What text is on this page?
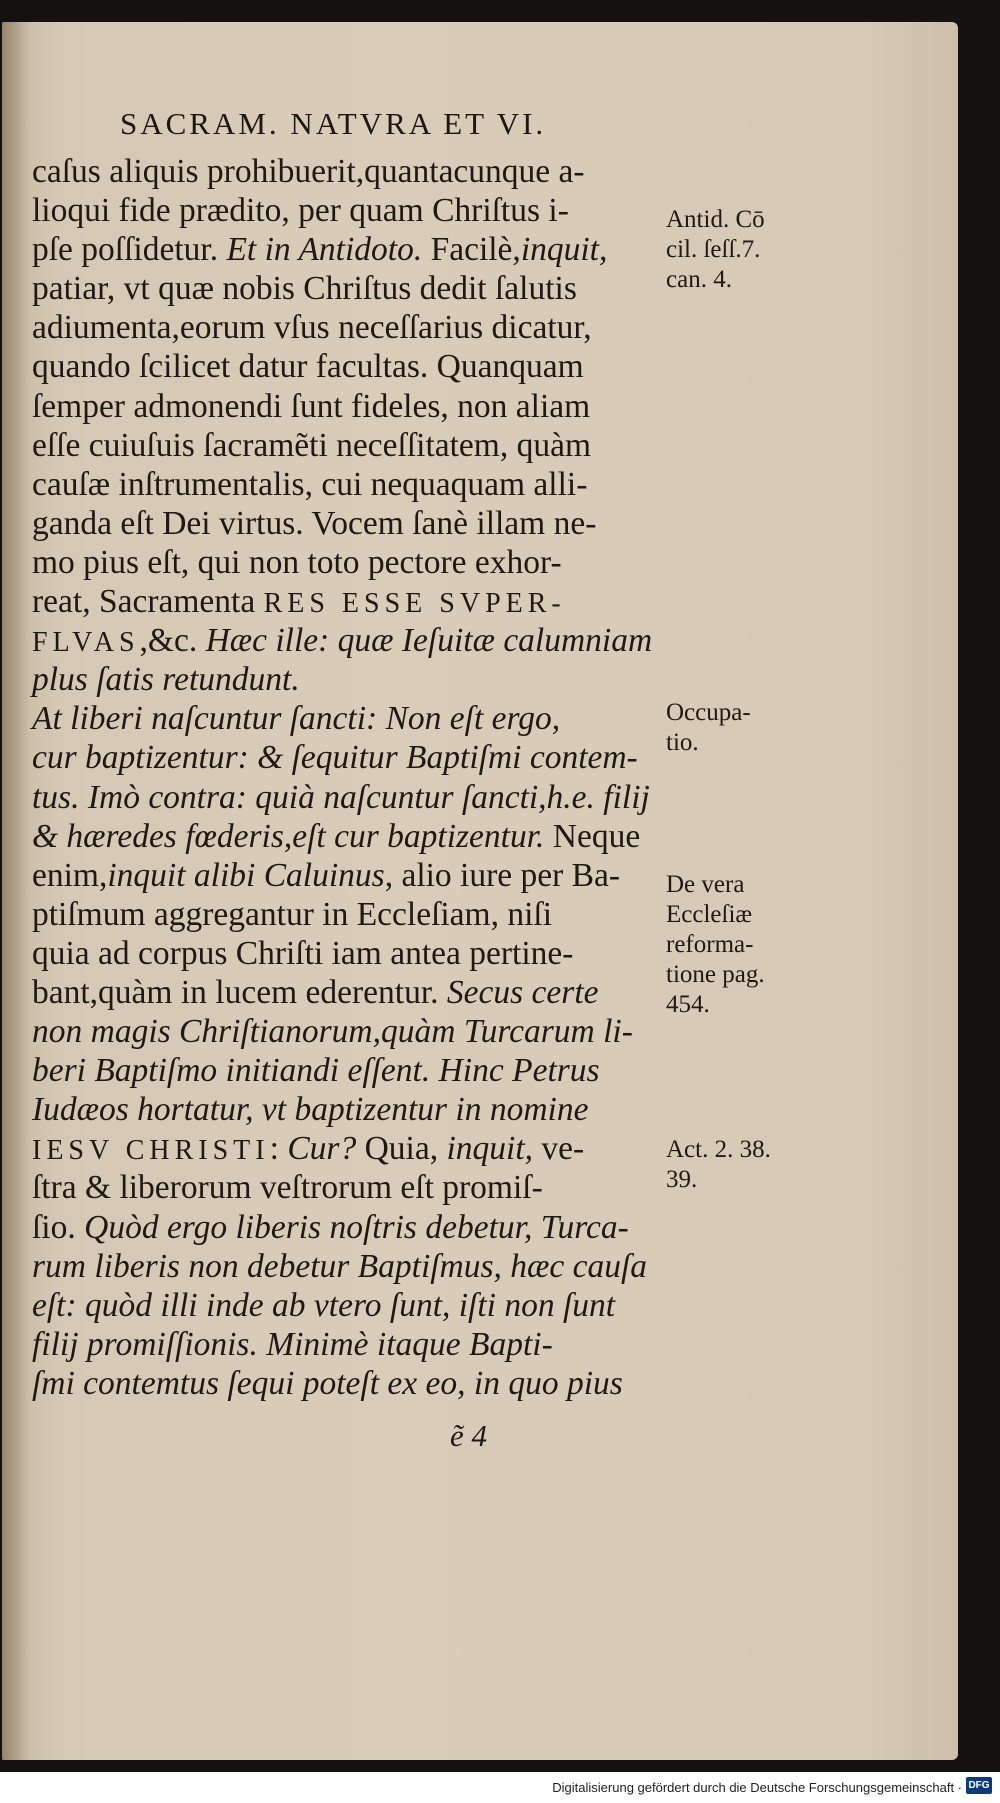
SACRAM. NATVRA ET VI.
caſus aliquis prohibuerit,quantacunque a-
lioqui fide prædito, per quam Chriſtus i-
pſe poſſidetur. Et in Antidoto. Facilè,inquit,
patiar, vt quæ nobis Chriſtus dedit ſalutis
adiumenta,eorum vſus neceſſarius dicatur,
quando ſcilicet datur facultas. Quanquam
ſemper admonendi ſunt fideles, non aliam
eſſe cuiuſuis ſacramẽti neceſſitatem, quàm
cauſæ inſtrumentalis, cui nequaquam alli-
ganda eſt Dei virtus. Vocem ſanè illam ne-
mo pius eſt, qui non toto pectore exhor-
reat, Sacramenta RES ESSE SVPER-
FLVAS,&c. Hæc ille: quæ Ieſuitæ calumniam
plus ſatis retundunt.
At liberi naſcuntur ſancti: Non eſt ergo,
cur baptizentur: & ſequitur Baptiſmi contem-
tus. Imò contra: quià naſcuntur ſancti,h.e. filij
& hæredes fœderis,eſt cur baptizentur. Neque
enim,inquit alibi Caluinus, alio iure per Ba-
ptiſmum aggregantur in Eccleſiam, niſi
quia ad corpus Chriſti iam antea pertine-
bant,quàm in lucem ederentur. Secus certe
non magis Chriſtianorum,quàm Turcarum li-
beri Baptiſmo initiandi eſſent. Hinc Petrus
Iudæos hortatur, vt baptizentur in nomine
IESV CHRISTI: Cur? Quia, inquit, ve-
ſtra & liberorum veſtrorum eſt promiſ-
ſio. Quòd ergo liberis noſtris debetur, Turca-
rum liberis non debetur Baptiſmus, hæc cauſa
eſt: quòd illi inde ab vtero ſunt, iſti non ſunt
filij promiſſionis. Minimè itaque Bapti-
ſmi contemtus ſequi poteſt ex eo, in quo pius
Antid. Cō
cil. ſeſſ.7.
can. 4.
Occupa-
tio.
De vera
Eccleſiæ
reforma-
tione pag.
454.
Act. 2. 38.
39.
ẽ 4
Digitalisierung gefördert durch die Deutsche Forschungsgemeinschaft · DFG
